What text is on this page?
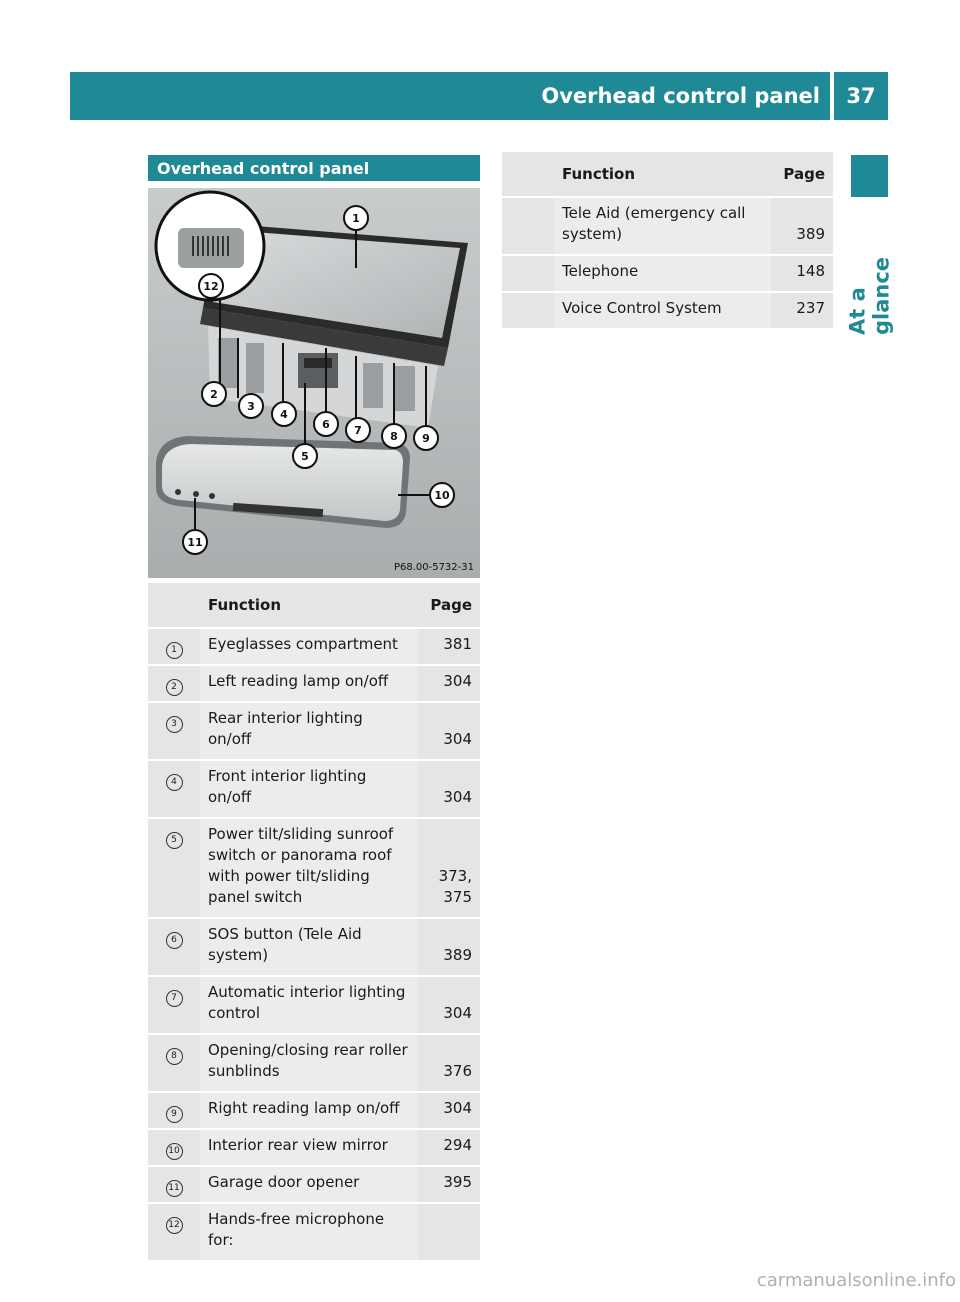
Overhead control panel	37
At a glance
Overhead control panel
1
12
2
3
4
5
6 7	8 9
10
11
P68.00-5732-31
	Function	Page
1	Eyeglasses compartment	381
2	Left reading lamp on/off	304
3	Rear interior lighting on/off	304
4	Front interior lighting on/off	304
5	Power tilt/sliding sunroof switch or panorama roof with power tilt/sliding panel switch	373, 375
6	SOS button (Tele Aid system)	389
7	Automatic interior lighting control	304
8	Opening/closing rear roller sunblinds	376
9	Right reading lamp on/off	304
10	Interior rear view mirror	294
11	Garage door opener	395
12	Hands-free microphone for:	
	Function	Page
	Tele Aid (emergency call system)	389
	Telephone	148
	Voice Control System	237
carmanualsonline.info
